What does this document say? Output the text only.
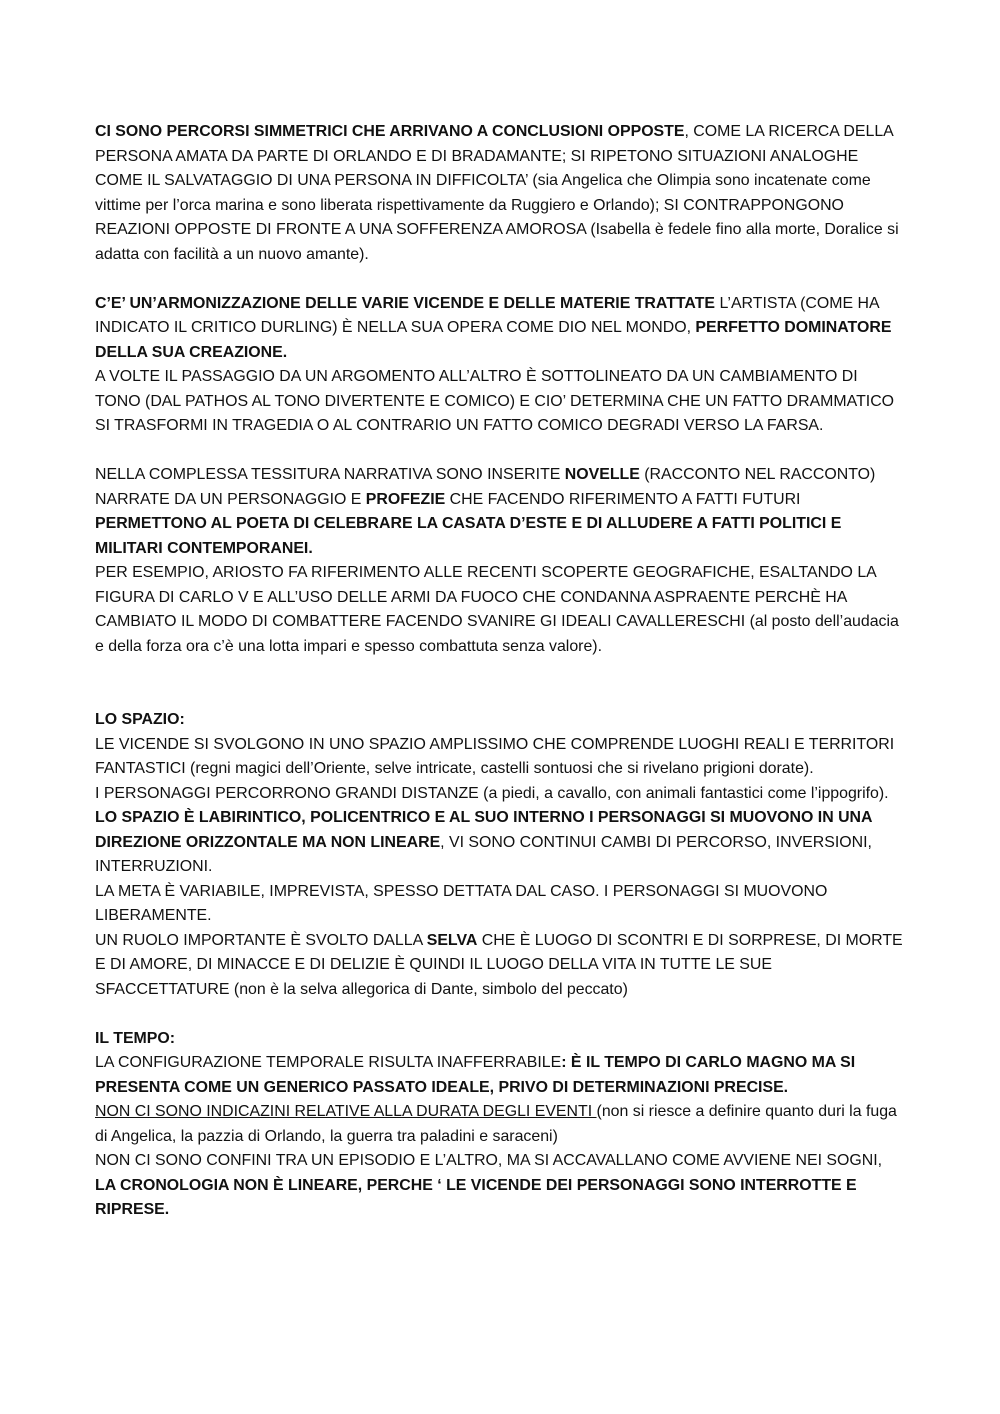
CI SONO PERCORSI SIMMETRICI CHE ARRIVANO A CONCLUSIONI OPPOSTE, COME LA RICERCA DELLA PERSONA AMATA DA PARTE DI ORLANDO E DI BRADAMANTE; SI RIPETONO SITUAZIONI ANALOGHE COME IL SALVATAGGIO DI UNA PERSONA IN DIFFICOLTA’ (sia Angelica che Olimpia sono incatenate come vittime per l’orca marina e sono liberata rispettivamente da Ruggiero e Orlando); SI CONTRAPPONGONO REAZIONI OPPOSTE DI FRONTE A UNA SOFFERENZA AMOROSA (Isabella è fedele fino alla morte, Doralice si adatta con facilità a un nuovo amante).

C’E’ UN’ARMONIZZAZIONE DELLE VARIE VICENDE E DELLE MATERIE TRATTATE L’ARTISTA (COME HA INDICATO IL CRITICO DURLING) È NELLA SUA OPERA COME DIO NEL MONDO, PERFETTO DOMINATORE DELLA SUA CREAZIONE.

A VOLTE IL PASSAGGIO DA UN ARGOMENTO ALL’ALTRO È SOTTOLINEATO DA UN CAMBIAMENTO DI TONO (DAL PATHOS AL TONO DIVERTENTE E COMICO) E CIO’ DETERMINA CHE UN FATTO DRAMMATICO SI TRASFORMI IN TRAGEDIA O AL CONTRARIO UN FATTO COMICO DEGRADI VERSO LA FARSA.

NELLA COMPLESSA TESSITURA NARRATIVA SONO INSERITE NOVELLE (RACCONTO NEL RACCONTO) NARRATE DA UN PERSONAGGIO E PROFEZIE CHE FACENDO RIFERIMENTO A FATTI FUTURI PERMETTONO AL POETA DI CELEBRARE LA CASATA D’ESTE E DI ALLUDERE A FATTI POLITICI E MILITARI CONTEMPORANEI.

PER ESEMPIO, ARIOSTO FA RIFERIMENTO ALLE RECENTI SCOPERTE GEOGRAFICHE, ESALTANDO LA FIGURA DI CARLO V E ALL’USO DELLE ARMI DA FUOCO CHE CONDANNA ASPRAENTE PERCHÈ HA CAMBIATO IL MODO DI COMBATTERE FACENDO SVANIRE GI IDEALI CAVALLERESCHI (al posto dell’audacia e della forza ora c’è una lotta impari e spesso combattuta senza valore).

LO SPAZIO:

LE VICENDE SI SVOLGONO IN UNO SPAZIO AMPLISSIMO CHE COMPRENDE LUOGHI REALI E TERRITORI FANTASTICI (regni magici dell’Oriente, selve intricate, castelli sontuosi che si rivelano prigioni dorate).

I PERSONAGGI PERCORRONO GRANDI DISTANZE (a piedi, a cavallo, con animali fantastici come l’ippogrifo).

LO SPAZIO È LABIRINTICO, POLICENTRICO E AL SUO INTERNO I PERSONAGGI SI MUOVONO IN UNA DIREZIONE ORIZZONTALE MA NON LINEARE, VI SONO CONTINUI CAMBI DI PERCORSO, INVERSIONI, INTERRUZIONI.

LA META È VARIABILE, IMPREVISTA, SPESSO DETTATA DAL CASO. I PERSONAGGI SI MUOVONO LIBERAMENTE.

UN RUOLO IMPORTANTE È SVOLTO DALLA SELVA CHE È LUOGO DI SCONTRI E DI SORPRESE, DI MORTE E DI AMORE, DI MINACCE E DI DELIZIE È QUINDI IL LUOGO DELLA VITA IN TUTTE LE SUE SFACCETTATURE (non è la selva allegorica di Dante, simbolo del peccato)

IL TEMPO:

LA CONFIGURAZIONE TEMPORALE RISULTA INAFFERRABILE: È IL TEMPO DI CARLO MAGNO MA SI PRESENTA COME UN GENERICO PASSATO IDEALE, PRIVO DI DETERMINAZIONI PRECISE.

NON CI SONO INDICAZINI RELATIVE ALLA DURATA DEGLI EVENTI (non si riesce a definire quanto duri la fuga di Angelica, la pazzia di Orlando, la guerra tra paladini e saraceni)

NON CI SONO CONFINI TRA UN EPISODIO E L’ALTRO, MA SI ACCAVALLANO COME AVVIENE NEI SOGNI, LA CRONOLOGIA NON È LINEARE, PERCHE ‘ LE VICENDE DEI PERSONAGGI SONO INTERROTTE E RIPRESE.
